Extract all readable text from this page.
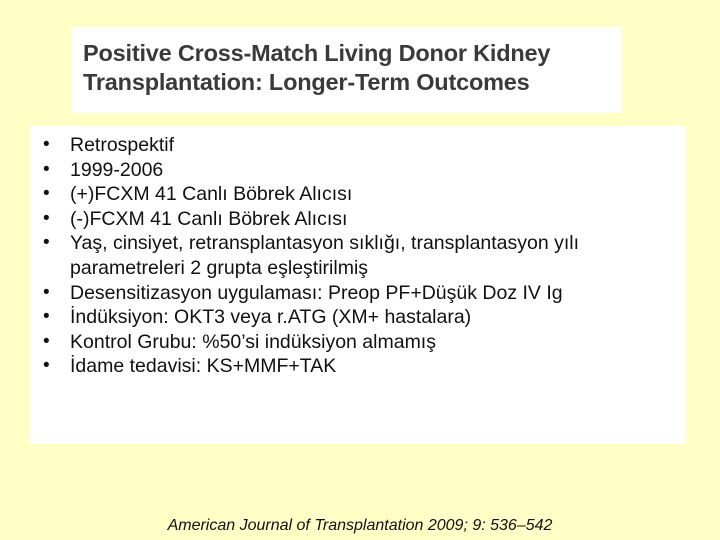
Positive Cross-Match Living Donor Kidney
Transplantation: Longer-Term Outcomes
• Retrospektif
• 1999-2006
• (+)FCXM 41 Canlı Böbrek Alıcısı
• (-)FCXM 41 Canlı Böbrek Alıcısı
• Yaş, cinsiyet, retransplantasyon sıklığı, transplantasyon yılı parametreleri 2 grupta eşleştirilmiş
• Desensitizasyon uygulaması: Preop PF+Düşük Doz IV Ig
• İndüksiyon: OKT3 veya r.ATG (XM+ hastalara)
• Kontrol Grubu: %50’si indüksiyon almamış
• İdame tedavisi: KS+MMF+TAK
American Journal of Transplantation 2009; 9: 536–542
